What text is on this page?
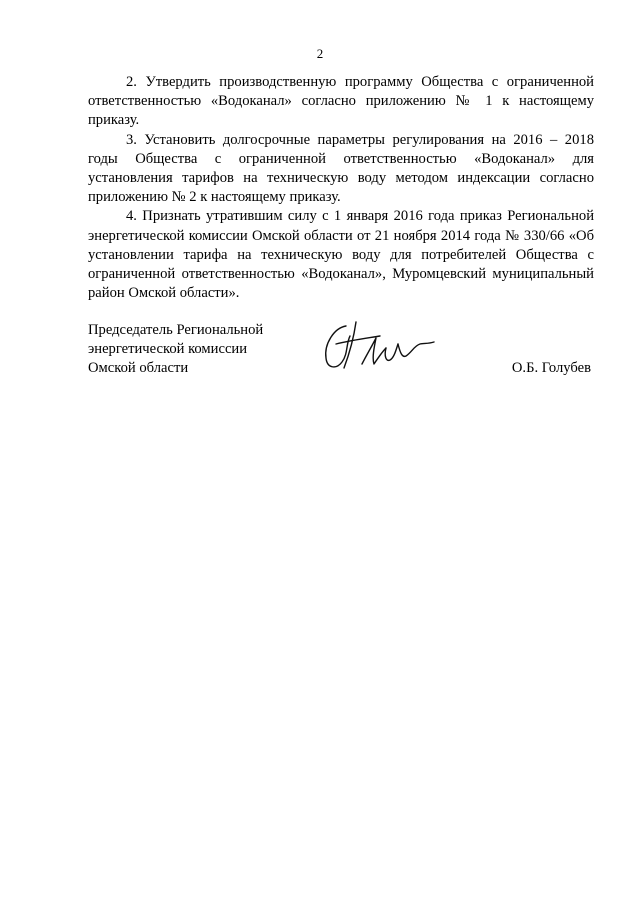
2

2. Утвердить производственную программу Общества с ограниченной ответственностью «Водоканал» согласно приложению № 1 к настоящему приказу.

3. Установить долгосрочные параметры регулирования на 2016 – 2018 годы Общества с ограниченной ответственностью «Водоканал» для установления тарифов на техническую воду методом индексации согласно приложению № 2 к настоящему приказу.

4. Признать утратившим силу с 1 января 2016 года приказ Региональной энергетической комиссии Омской области от 21 ноября 2014 года № 330/66 «Об установлении тарифа на техническую воду для потребителей Общества с ограниченной ответственностью «Водоканал», Муромцевский муниципальный район Омской области».

Председатель Региональной
энергетической комиссии
Омской области	О.Б. Голубев
